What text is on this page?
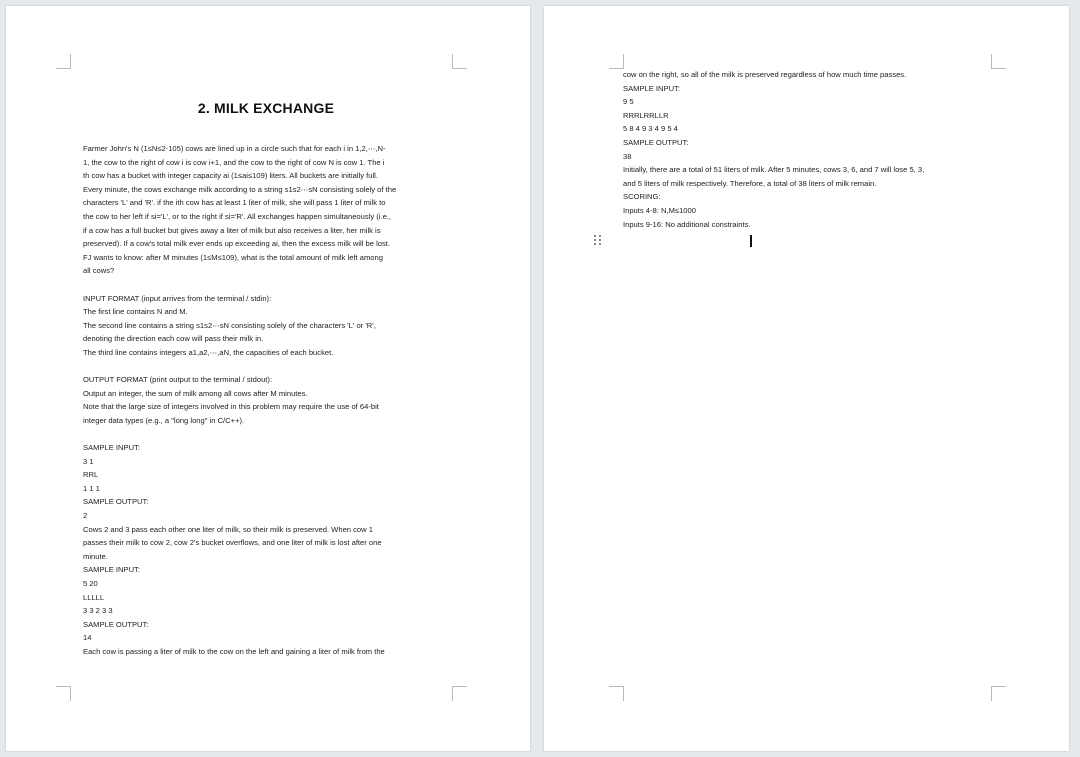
2. MILK EXCHANGE

Farmer John's N (1≤N≤2⋅105) cows are lined up in a circle such that for each i in 1,2,⋯,N-

1, the cow to the right of cow i is cow i+1, and the cow to the right of cow N is cow 1. The i

th cow has a bucket with integer capacity ai (1≤ai≤109) liters. All buckets are initially full.

Every minute, the cows exchange milk according to a string s1s2⋯sN consisting solely of the

characters 'L' and 'R'. if the ith cow has at least 1 liter of milk, she will pass 1 liter of milk to

the cow to her left if si='L', or to the right if si='R'. All exchanges happen simultaneously (i.e.,

if a cow has a full bucket but gives away a liter of milk but also receives a liter, her milk is

preserved). If a cow's total milk ever ends up exceeding ai, then the excess milk will be lost.

FJ wants to know: after M minutes (1≤M≤109), what is the total amount of milk left among

all cows?

INPUT FORMAT (input arrives from the terminal / stdin):

The first line contains N and M.

The second line contains a string s1s2⋯sN consisting solely of the characters 'L' or 'R',

denoting the direction each cow will pass their milk in.

The third line contains integers a1,a2,⋯,aN, the capacities of each bucket.

OUTPUT FORMAT (print output to the terminal / stdout):

Output an integer, the sum of milk among all cows after M minutes.

Note that the large size of integers involved in this problem may require the use of 64-bit

integer data types (e.g., a "long long" in C/C++).

SAMPLE INPUT:

3 1

RRL

1 1 1

SAMPLE OUTPUT:

2

Cows 2 and 3 pass each other one liter of milk, so their milk is preserved. When cow 1

passes their milk to cow 2, cow 2's bucket overflows, and one liter of milk is lost after one

minute.

SAMPLE INPUT:

5 20

LLLLL

3 3 2 3 3

SAMPLE OUTPUT:

14

Each cow is passing a liter of milk to the cow on the left and gaining a liter of milk from the

cow on the right, so all of the milk is preserved regardless of how much time passes.

SAMPLE INPUT:

9 5

RRRLRRLLR

5 8 4 9 3 4 9 5 4

SAMPLE OUTPUT:

38

Initially, there are a total of 51 liters of milk. After 5 minutes, cows 3, 6, and 7 will lose 5, 3,

and 5 liters of milk respectively. Therefore, a total of 38 liters of milk remain.

SCORING:

Inputs 4-8: N,M≤1000

Inputs 9-16: No additional constraints.
